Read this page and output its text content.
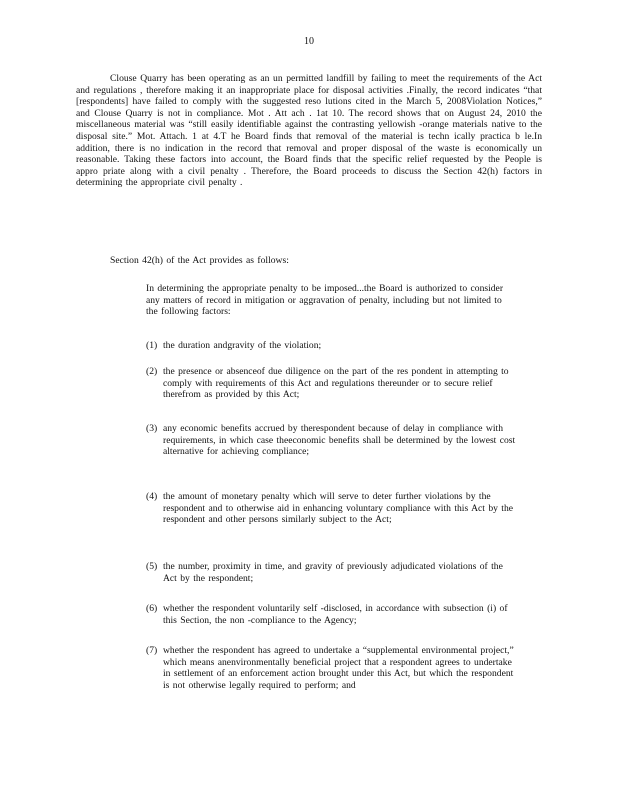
10
Clouse Quarry has been operating as an un permitted landfill by failing to meet the requirements of the Act and regulations , therefore making it an inappropriate place for disposal activities .Finally, the record indicates “that [respondents] have failed to comply with the suggested reso lutions cited in the March 5, 2008Violation Notices,” and Clouse Quarry is not in compliance. Mot . Att ach . 1at 10. The record shows that on August 24, 2010 the miscellaneous material was “still easily identifiable against the contrasting yellowish -orange materials native to the disposal site.” Mot. Attach. 1 at 4.T he Board finds that removal of the material is techn ically practica b le.In addition, there is no indication in the record that removal and proper disposal of the waste is economically un reasonable. Taking these factors into account, the Board finds that the specific relief requested by the People is appro priate along with a civil penalty . Therefore, the Board proceeds to discuss the Section 42(h) factors in determining the appropriate civil penalty .
Section 42(h) of the Act provides as follows:
In determining the appropriate penalty to be imposed...the Board is authorized to consider any matters of record in mitigation or aggravation of penalty, including but not limited to the following factors:
(1) the duration andgravity of the violation;
(2) the presence or absenceof due diligence on the part of the res pondent in attempting to comply with requirements of this Act and regulations thereunder or to secure relief therefrom as provided by this Act;
(3) any economic benefits accrued by therespondent because of delay in compliance with requirements, in which case theeconomic benefits shall be determined by the lowest cost alternative for achieving compliance;
(4) the amount of monetary penalty which will serve to deter further violations by the respondent and to otherwise aid in enhancing voluntary compliance with this Act by the respondent and other persons similarly subject to the Act;
(5) the number, proximity in time, and gravity of previously adjudicated violations of the Act by the respondent;
(6) whether the respondent voluntarily self -disclosed, in accordance with subsection (i) of this Section, the non -compliance to the Agency;
(7) whether the respondent has agreed to undertake a “supplemental environmental project,” which means anenvironmentally beneficial project that a respondent agrees to undertake in settlement of an enforcement action brought under this Act, but which the respondent is not otherwise legally required to perform; and
